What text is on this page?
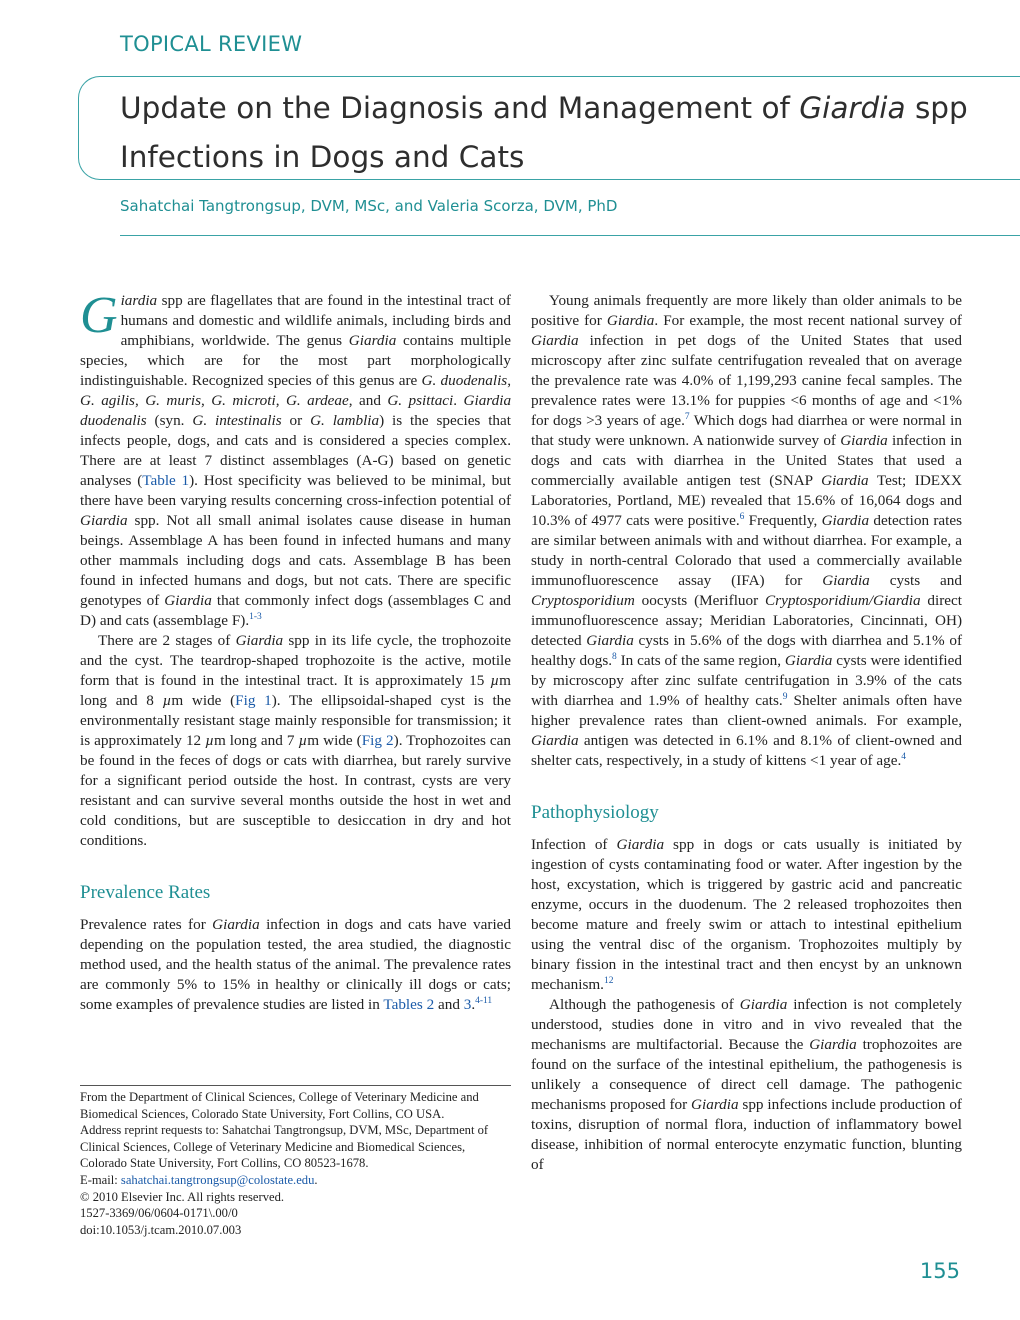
TOPICAL REVIEW
Update on the Diagnosis and Management of Giardia spp Infections in Dogs and Cats
Sahatchai Tangtrongsup, DVM, MSc, and Valeria Scorza, DVM, PhD

Giardia spp are flagellates that are found in the intestinal tract of humans and domestic and wildlife animals, including birds and amphibians, worldwide. The genus Giardia contains multiple species, which are for the most part morphologically indistinguishable. Recognized species of this genus are G. duodenalis, G. agilis, G. muris, G. microti, G. ardeae, and G. psittaci. Giardia duodenalis (syn. G. intestinalis or G. lamblia) is the species that infects people, dogs, and cats and is considered a species complex. There are at least 7 distinct assemblages (A-G) based on genetic analyses (Table 1). Host specificity was believed to be minimal, but there have been varying results concerning cross-infection potential of Giardia spp. Not all small animal isolates cause disease in human beings. Assemblage A has been found in infected humans and many other mammals including dogs and cats. Assemblage B has been found in infected humans and dogs, but not cats. There are specific genotypes of Giardia that commonly infect dogs (assemblages C and D) and cats (assemblage F).$^{1-3}$

There are 2 stages of Giardia spp in its life cycle, the trophozoite and the cyst. The teardrop-shaped trophozoite is the active, motile form that is found in the intestinal tract. It is approximately 15 µm long and 8 µm wide (Fig 1). The ellipsoidal-shaped cyst is the environmentally resistant stage mainly responsible for transmission; it is approximately 12 µm long and 7 µm wide (Fig 2). Trophozoites can be found in the feces of dogs or cats with diarrhea, but rarely survive for a significant period outside the host. In contrast, cysts are very resistant and can survive several months outside the host in wet and cold conditions, but are susceptible to desiccation in dry and hot conditions.

Prevalence Rates

Prevalence rates for Giardia infection in dogs and cats have varied depending on the population tested, the area studied, the diagnostic method used, and the health status of the animal. The prevalence rates are commonly 5% to 15% in healthy or clinically ill dogs or cats; some examples of prevalence studies are listed in Tables 2 and 3.$^{4-11}$

Young animals frequently are more likely than older animals to be positive for Giardia. For example, the most recent national survey of Giardia infection in pet dogs of the United States that used microscopy after zinc sulfate centrifugation revealed that on average the prevalence rate was 4.0% of 1,199,293 canine fecal samples. The prevalence rates were 13.1% for puppies <6 months of age and <1% for dogs >3 years of age.$^7$ Which dogs had diarrhea or were normal in that study were unknown. A nationwide survey of Giardia infection in dogs and cats with diarrhea in the United States that used a commercially available antigen test (SNAP Giardia Test; IDEXX Laboratories, Portland, ME) revealed that 15.6% of 16,064 dogs and 10.3% of 4977 cats were positive.$^6$ Frequently, Giardia detection rates are similar between animals with and without diarrhea. For example, a study in north-central Colorado that used a commercially available immunofluorescence assay (IFA) for Giardia cysts and Cryptosporidium oocysts (Merifluor Cryptosporidium/Giardia direct immunofluorescence assay; Meridian Laboratories, Cincinnati, OH) detected Giardia cysts in 5.6% of the dogs with diarrhea and 5.1% of healthy dogs.$^8$ In cats of the same region, Giardia cysts were identified by microscopy after zinc sulfate centrifugation in 3.9% of the cats with diarrhea and 1.9% of healthy cats.$^9$ Shelter animals often have higher prevalence rates than client-owned animals. For example, Giardia antigen was detected in 6.1% and 8.1% of client-owned and shelter cats, respectively, in a study of kittens <1 year of age.$^4$

Pathophysiology

Infection of Giardia spp in dogs or cats usually is initiated by ingestion of cysts contaminating food or water. After ingestion by the host, excystation, which is triggered by gastric acid and pancreatic enzyme, occurs in the duodenum. The 2 released trophozoites then become mature and freely swim or attach to intestinal epithelium using the ventral disc of the organism. Trophozoites multiply by binary fission in the intestinal tract and then encyst by an unknown mechanism.$^{12}$

Although the pathogenesis of Giardia infection is not completely understood, studies done in vitro and in vivo revealed that the mechanisms are multifactorial. Because the Giardia trophozoites are found on the surface of the intestinal epithelium, the pathogenesis is unlikely a consequence of direct cell damage. The pathogenic mechanisms proposed for Giardia spp infections include production of toxins, disruption of normal flora, induction of inflammatory bowel disease, inhibition of normal enterocyte enzymatic function, blunting of

From the Department of Clinical Sciences, College of Veterinary Medicine and Biomedical Sciences, Colorado State University, Fort Collins, CO USA.
Address reprint requests to: Sahatchai Tangtrongsup, DVM, MSc, Department of Clinical Sciences, College of Veterinary Medicine and Biomedical Sciences, Colorado State University, Fort Collins, CO 80523-1678.
E-mail: sahatchai.tangtrongsup@colostate.edu.
© 2010 Elsevier Inc. All rights reserved.
1527-3369/06/0604-0171\.00/0
doi:10.1053/j.tcam.2010.07.003
155
